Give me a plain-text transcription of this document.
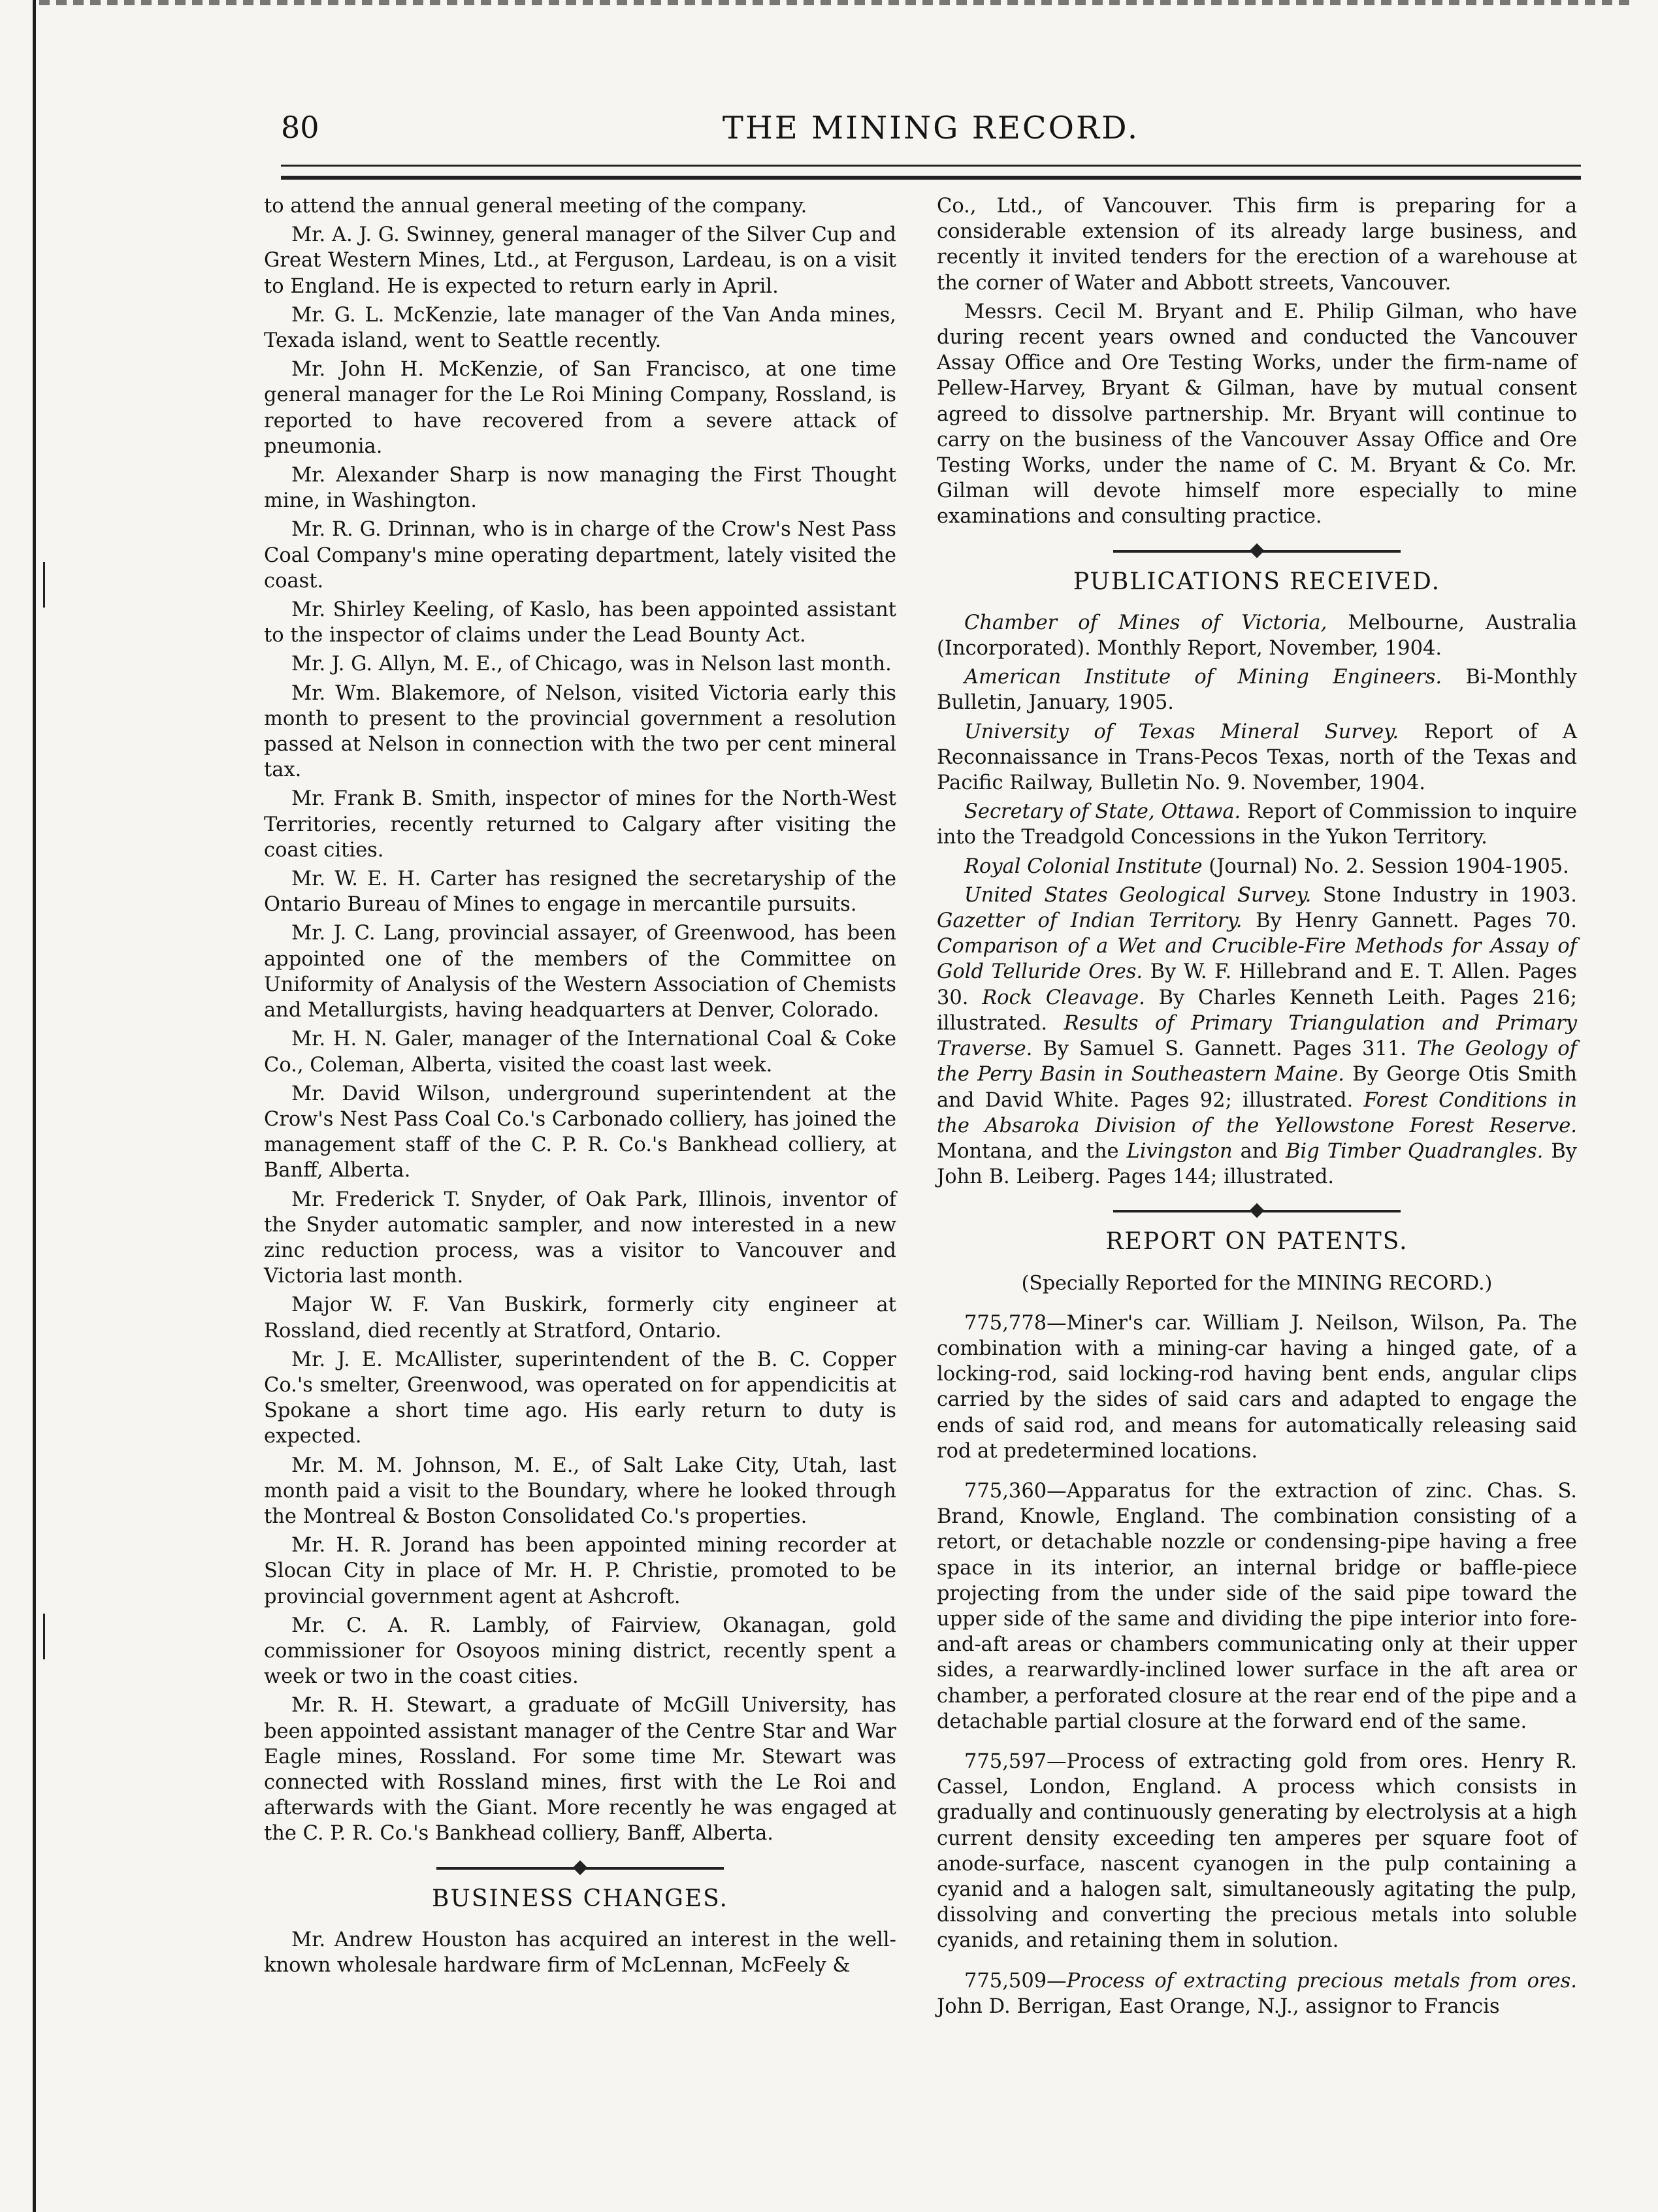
80	THE MINING RECORD.

to attend the annual general meeting of the company.

Mr. A. J. G. Swinney, general manager of the Silver Cup and Great Western Mines, Ltd., at Ferguson, Lardeau, is on a visit to England. He is expected to return early in April.

Mr. G. L. McKenzie, late manager of the Van Anda mines, Texada island, went to Seattle recently.

Mr. John H. McKenzie, of San Francisco, at one time general manager for the Le Roi Mining Company, Rossland, is reported to have recovered from a severe attack of pneumonia.

Mr. Alexander Sharp is now managing the First Thought mine, in Washington.

Mr. R. G. Drinnan, who is in charge of the Crow's Nest Pass Coal Company's mine operating department, lately visited the coast.

Mr. Shirley Keeling, of Kaslo, has been appointed assistant to the inspector of claims under the Lead Bounty Act.

Mr. J. G. Allyn, M. E., of Chicago, was in Nelson last month.

Mr. Wm. Blakemore, of Nelson, visited Victoria early this month to present to the provincial government a resolution passed at Nelson in connection with the two per cent mineral tax.

Mr. Frank B. Smith, inspector of mines for the North-West Territories, recently returned to Calgary after visiting the coast cities.

Mr. W. E. H. Carter has resigned the secretaryship of the Ontario Bureau of Mines to engage in mercantile pursuits.

Mr. J. C. Lang, provincial assayer, of Greenwood, has been appointed one of the members of the Committee on Uniformity of Analysis of the Western Association of Chemists and Metallurgists, having headquarters at Denver, Colorado.

Mr. H. N. Galer, manager of the International Coal & Coke Co., Coleman, Alberta, visited the coast last week.

Mr. David Wilson, underground superintendent at the Crow's Nest Pass Coal Co.'s Carbonado colliery, has joined the management staff of the C. P. R. Co.'s Bankhead colliery, at Banff, Alberta.

Mr. Frederick T. Snyder, of Oak Park, Illinois, inventor of the Snyder automatic sampler, and now interested in a new zinc reduction process, was a visitor to Vancouver and Victoria last month.

Major W. F. Van Buskirk, formerly city engineer at Rossland, died recently at Stratford, Ontario.

Mr. J. E. McAllister, superintendent of the B. C. Copper Co.'s smelter, Greenwood, was operated on for appendicitis at Spokane a short time ago. His early return to duty is expected.

Mr. M. M. Johnson, M. E., of Salt Lake City, Utah, last month paid a visit to the Boundary, where he looked through the Montreal & Boston Consolidated Co.'s properties.

Mr. H. R. Jorand has been appointed mining recorder at Slocan City in place of Mr. H. P. Christie, promoted to be provincial government agent at Ashcroft.

Mr. C. A. R. Lambly, of Fairview, Okanagan, gold commissioner for Osoyoos mining district, recently spent a week or two in the coast cities.

Mr. R. H. Stewart, a graduate of McGill University, has been appointed assistant manager of the Centre Star and War Eagle mines, Rossland. For some time Mr. Stewart was connected with Rossland mines, first with the Le Roi and afterwards with the Giant. More recently he was engaged at the C. P. R. Co.'s Bankhead colliery, Banff, Alberta.

BUSINESS CHANGES.

Mr. Andrew Houston has acquired an interest in the well-known wholesale hardware firm of McLennan, McFeely &

Co., Ltd., of Vancouver. This firm is preparing for a considerable extension of its already large business, and recently it invited tenders for the erection of a warehouse at the corner of Water and Abbott streets, Vancouver.

Messrs. Cecil M. Bryant and E. Philip Gilman, who have during recent years owned and conducted the Vancouver Assay Office and Ore Testing Works, under the firm-name of Pellew-Harvey, Bryant & Gilman, have by mutual consent agreed to dissolve partnership. Mr. Bryant will continue to carry on the business of the Vancouver Assay Office and Ore Testing Works, under the name of C. M. Bryant & Co. Mr. Gilman will devote himself more especially to mine examinations and consulting practice.

PUBLICATIONS RECEIVED.

Chamber of Mines of Victoria, Melbourne, Australia (Incorporated). Monthly Report, November, 1904.

American Institute of Mining Engineers. Bi-Monthly Bulletin, January, 1905.

University of Texas Mineral Survey. Report of A Reconnaissance in Trans-Pecos Texas, north of the Texas and Pacific Railway, Bulletin No. 9. November, 1904.

Secretary of State, Ottawa. Report of Commission to inquire into the Treadgold Concessions in the Yukon Territory.

Royal Colonial Institute (Journal) No. 2. Session 1904-1905.

United States Geological Survey. Stone Industry in 1903. Gazetter of Indian Territory. By Henry Gannett. Pages 70. Comparison of a Wet and Crucible-Fire Methods for Assay of Gold Telluride Ores. By W. F. Hillebrand and E. T. Allen. Pages 30. Rock Cleavage. By Charles Kenneth Leith. Pages 216; illustrated. Results of Primary Triangulation and Primary Traverse. By Samuel S. Gannett. Pages 311. The Geology of the Perry Basin in Southeastern Maine. By George Otis Smith and David White. Pages 92; illustrated. Forest Conditions in the Absaroka Division of the Yellowstone Forest Reserve. Montana, and the Livingston and Big Timber Quadrangles. By John B. Leiberg. Pages 144; illustrated.

REPORT ON PATENTS.
(Specially Reported for the MINING RECORD.)

775,778—Miner's car. William J. Neilson, Wilson, Pa. The combination with a mining-car having a hinged gate, of a locking-rod, said locking-rod having bent ends, angular clips carried by the sides of said cars and adapted to engage the ends of said rod, and means for automatically releasing said rod at predetermined locations.

775,360—Apparatus for the extraction of zinc. Chas. S. Brand, Knowle, England. The combination consisting of a retort, or detachable nozzle or condensing-pipe having a free space in its interior, an internal bridge or baffle-piece projecting from the under side of the said pipe toward the upper side of the same and dividing the pipe interior into fore-and-aft areas or chambers communicating only at their upper sides, a rearwardly-inclined lower surface in the aft area or chamber, a perforated closure at the rear end of the pipe and a detachable partial closure at the forward end of the same.

775,597—Process of extracting gold from ores. Henry R. Cassel, London, England. A process which consists in gradually and continuously generating by electrolysis at a high current density exceeding ten amperes per square foot of anode-surface, nascent cyanogen in the pulp containing a cyanid and a halogen salt, simultaneously agitating the pulp, dissolving and converting the precious metals into soluble cyanids, and retaining them in solution.

775,509—Process of extracting precious metals from ores. John D. Berrigan, East Orange, N.J., assignor to Francis
